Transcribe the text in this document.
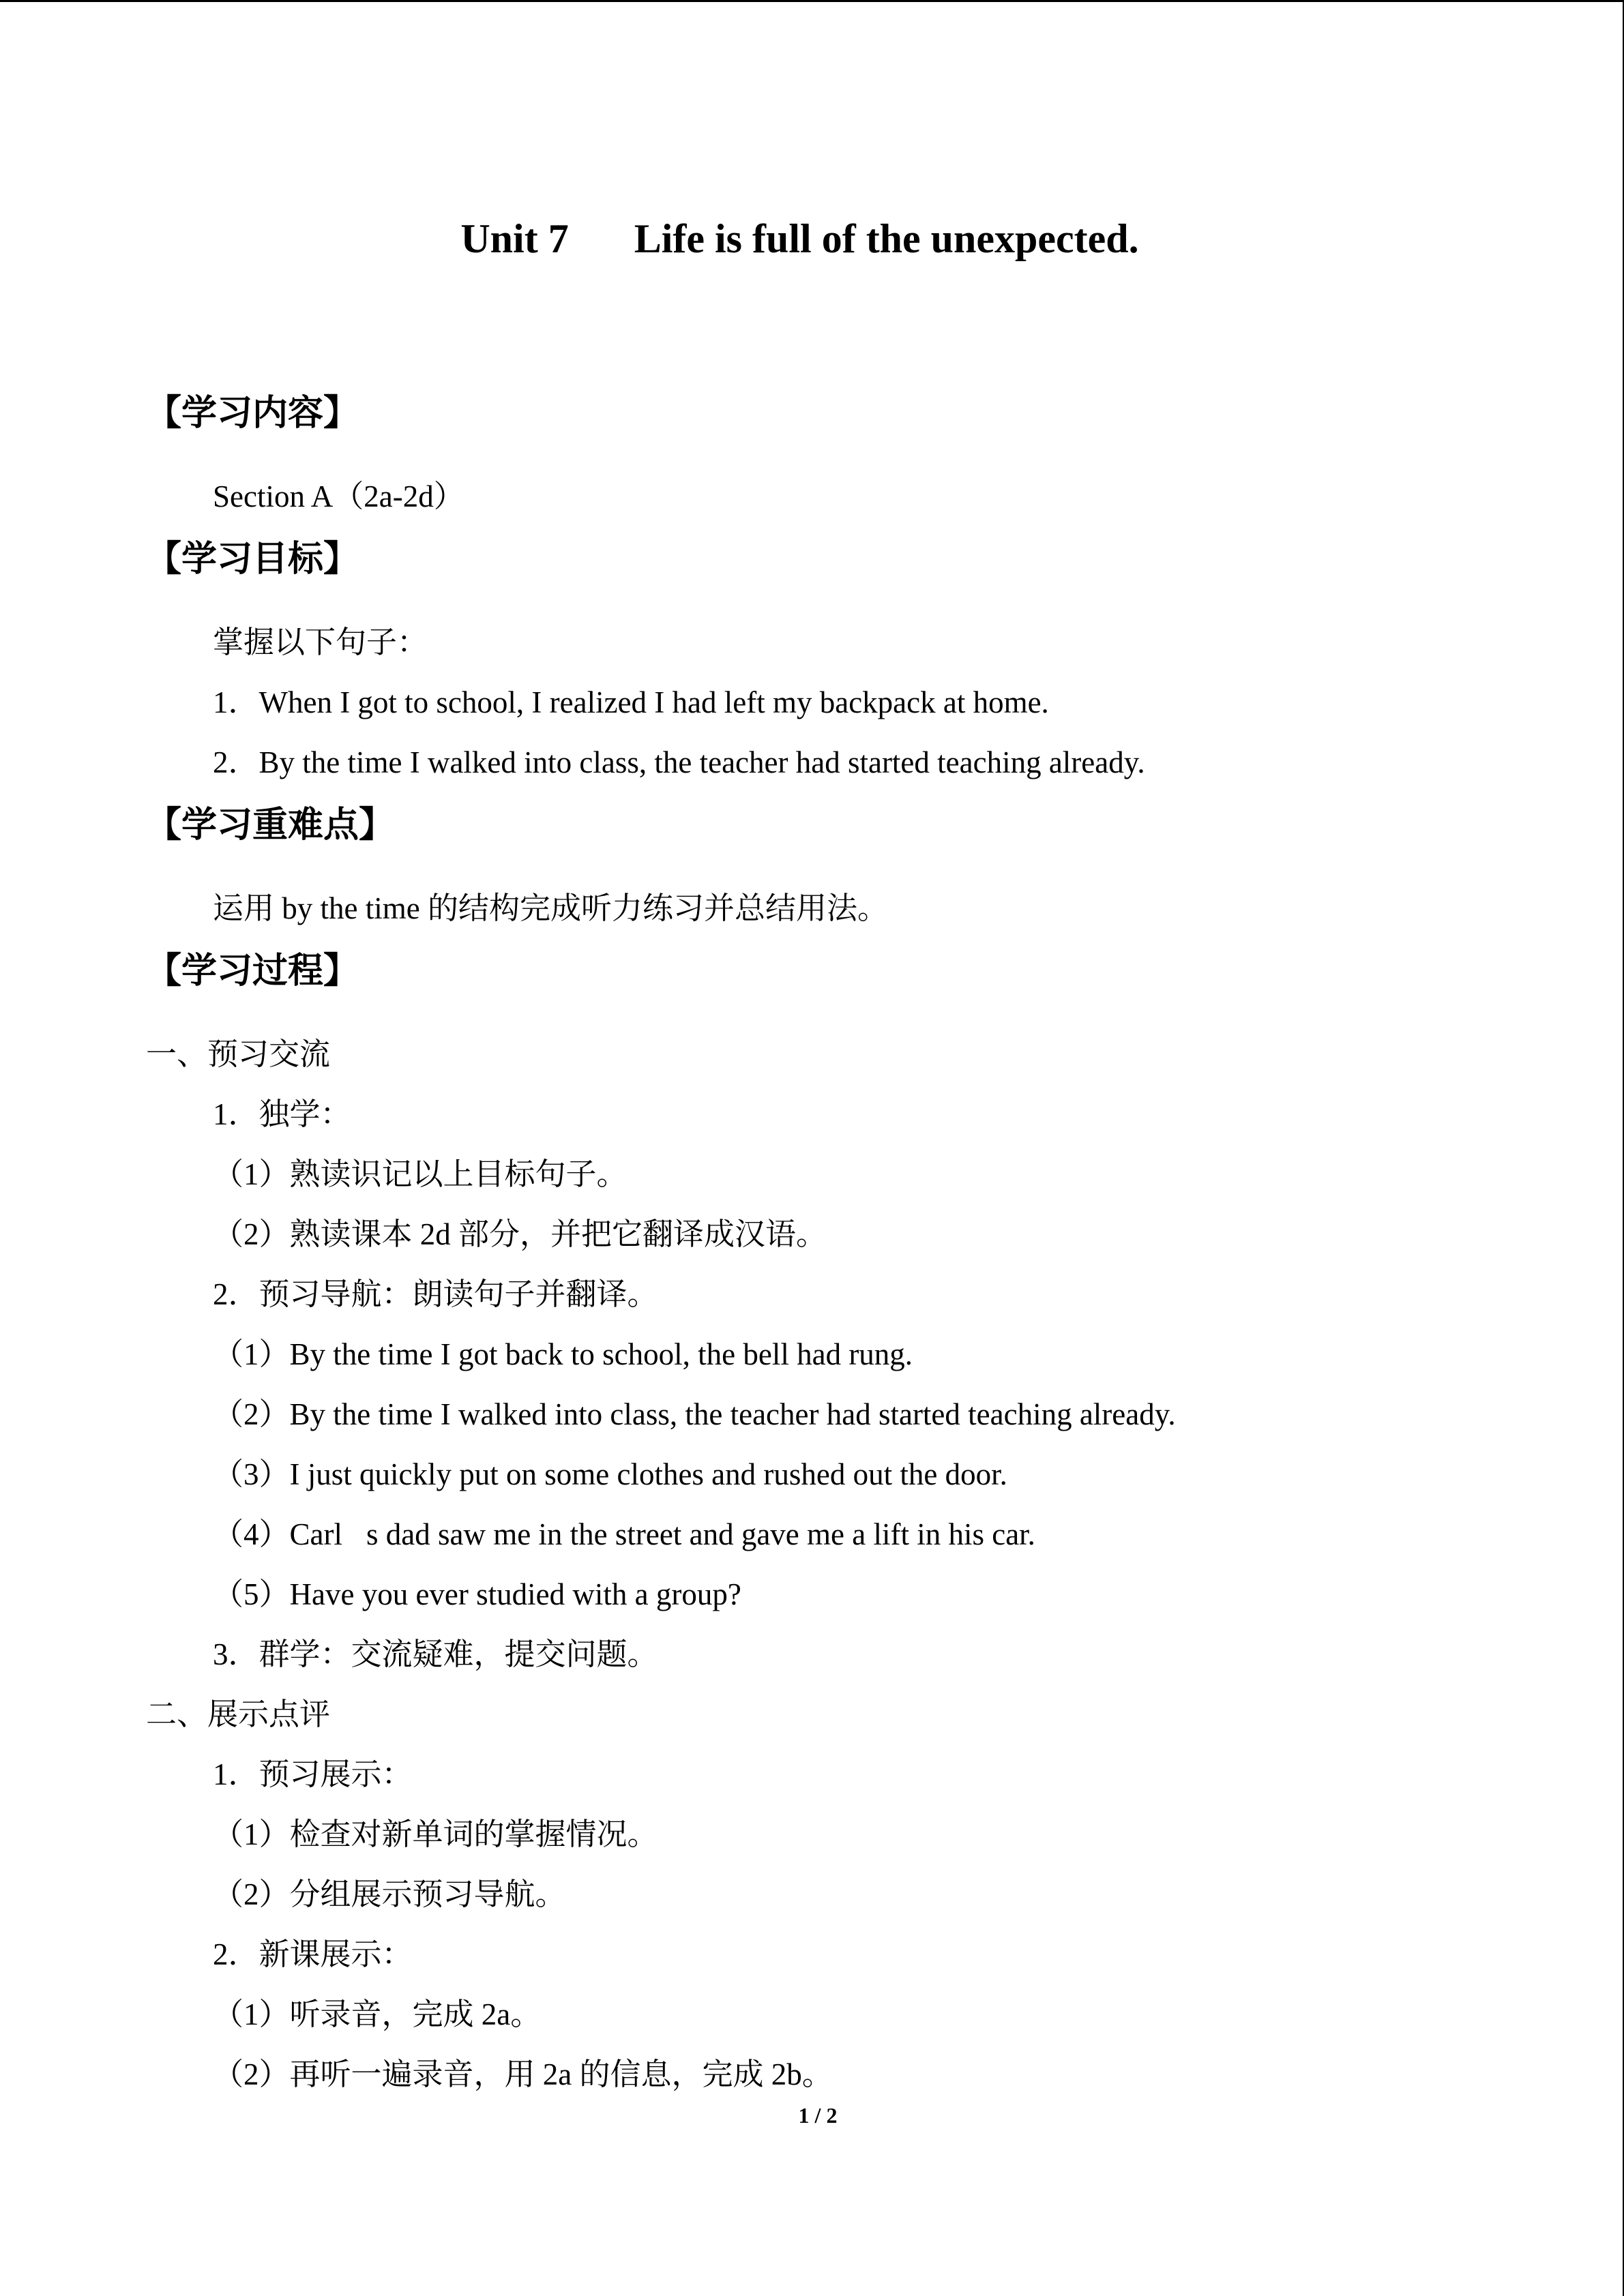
Unit 7 Life is full of the unexpected.
【学习内容】
Section A（2a-2d）
【学习目标】
掌握以下句子：
1．When I got to school, I realized I had left my backpack at home.
2．By the time I walked into class, the teacher had started teaching already.
【学习重难点】
运用 by the time 的结构完成听力练习并总结用法。
【学习过程】
一、预习交流
1．独学：
（1）熟读识记以上目标句子。
（2）熟读课本 2d 部分，并把它翻译成汉语。
2．预习导航：朗读句子并翻译。
（1）By the time I got back to school, the bell had rung.
（2）By the time I walked into class, the teacher had started teaching already.
（3）I just quickly put on some clothes and rushed out the door.
（4）Carl􀀁s dad saw me in the street and gave me a lift in his car.
（5）Have you ever studied with a group?
3．群学：交流疑难，提交问题。
二、展示点评
1．预习展示：
（1）检查对新单词的掌握情况。
（2）分组展示预习导航。
2．新课展示：
（1）听录音，完成 2a。
（2）再听一遍录音，用 2a 的信息，完成 2b。
1 / 2
